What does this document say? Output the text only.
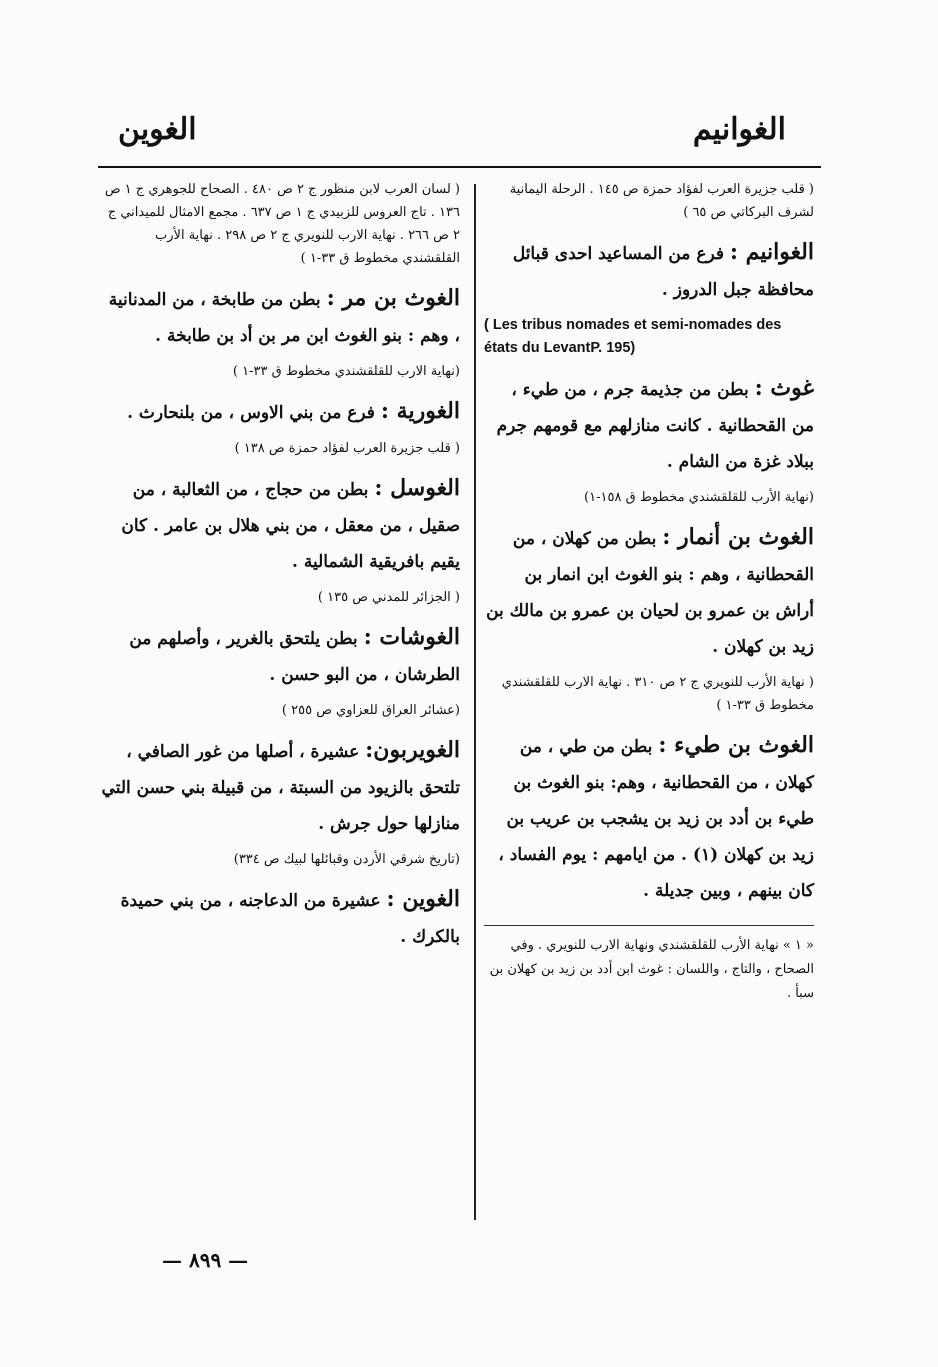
الغوين	الغوانيم
( قلب جزيرة العرب لفؤاد حمزة ص ١٤٥ . الرحلة اليمانية لشرف البركاتي ص ٦٥ )
الغوانيم : فرع من المساعيد احدى قبائل محافظة جبل الدروز .
( Les tribus nomades et semi-nomades des états du LevantP. 195)
غوث : بطن من جذيمة جرم ، من طيء ، من القحطانية . كانت منازلهم مع قومهم جرم ببلاد غزة من الشام .
(نهاية الأرب للقلقشندي مخطوط ق ١٥٨-١)
الغوث بن أنمار : بطن من كهلان ، من القحطانية ، وهم : بنو الغوث ابن انمار بن أراش بن عمرو بن لحيان بن عمرو بن مالك بن زيد بن كهلان .
( نهاية الأرب للنويري ج ٢ ص ٣١٠ . نهاية الارب للقلقشندي مخطوط ق ٣٣-١ )
الغوث بن طيء : بطن من طي ، من كهلان ، من القحطانية ، وهم: بنو الغوث بن طيء بن أدد بن زيد بن يشجب بن عريب بن زيد بن كهلان (١) . من ايامهم : يوم الفساد ، كان بينهم ، وبين جديلة .
« ١ » نهاية الأرب للقلقشندي ونهاية الارب للنويري . وفي الصحاح ، والتاج ، واللسان : غوث ابن أدد بن زيد بن كهلان بن سبأ .
( لسان العرب لابن منظور ج ٢ ص ٤٨٠ . الصحاح للجوهري ج ١ ص ١٣٦ . تاج العروس للزبيدي ج ١ ص ٦٣٧ . مجمع الامثال للميداني ج ٢ ص ٢٦٦ . نهاية الارب للنويري ج ٢ ص ٢٩٨ . نهاية الأرب القلقشندي مخطوط ق ٣٣-١ )
الغوث بن مر : بطن من طابخة ، من المدنانية ، وهم : بنو الغوث ابن مر بن أد بن طابخة .
(نهاية الارب للقلقشندي مخطوط ق ٣٣-١ )
الغورية : فرع من بني الاوس ، من بلنحارث .
( قلب جزيرة العرب لفؤاد حمزة ص ١٣٨ )
الغوسل : بطن من حجاج ، من الثعالبة ، من صقيل ، من معقل ، من بني هلال بن عامر . كان يقيم بافريقية الشمالية .
( الجزائر للمدني ص ١٣٥ )
الغوشات : بطن يلتحق بالغرير ، وأصلهم من الطرشان ، من البو حسن .
(عشائر العراق للعزاوي ص ٢٥٥ )
الغويربون: عشيرة ، أصلها من غور الصافي ، تلتحق بالزيود من السبتة ، من قبيلة بني حسن التي منازلها حول جرش .
(تاريخ شرقي الأردن وقبائلها لبيك ص ٣٣٤)
الغوين : عشيرة من الدعاجنه ، من بني حميدة بالكرك .
— ٨٩٩ —
